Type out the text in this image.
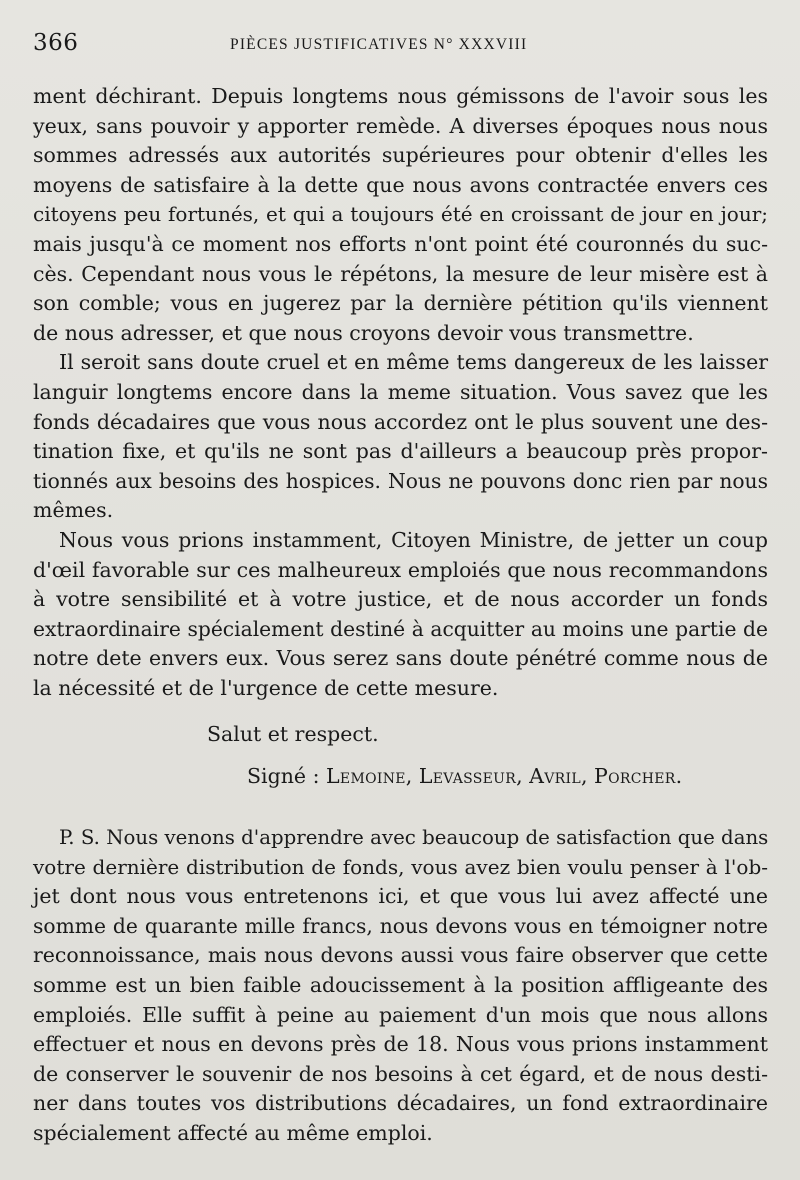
366	PIÈCES JUSTIFICATIVES N° XXXVIII
ment déchirant. Depuis longtems nous gémissons de l'avoir sous les
yeux, sans pouvoir y apporter remède. A diverses époques nous nous
sommes adressés aux autorités supérieures pour obtenir d'elles les
moyens de satisfaire à la dette que nous avons contractée envers ces
citoyens peu fortunés, et qui a toujours été en croissant de jour en jour;
mais jusqu'à ce moment nos efforts n'ont point été couronnés du suc-
cès. Cependant nous vous le répétons, la mesure de leur misère est à
son comble; vous en jugerez par la dernière pétition qu'ils viennent
de nous adresser, et que nous croyons devoir vous transmettre.
Il seroit sans doute cruel et en même tems dangereux de les laisser
languir longtems encore dans la meme situation. Vous savez que les
fonds décadaires que vous nous accordez ont le plus souvent une des-
tination fixe, et qu'ils ne sont pas d'ailleurs a beaucoup près propor-
tionnés aux besoins des hospices. Nous ne pouvons donc rien par nous
mêmes.
Nous vous prions instamment, Citoyen Ministre, de jetter un coup
d'œil favorable sur ces malheureux emploiés que nous recommandons
à votre sensibilité et à votre justice, et de nous accorder un fonds
extraordinaire spécialement destiné à acquitter au moins une partie de
notre dete envers eux. Vous serez sans doute pénétré comme nous de
la nécessité et de l'urgence de cette mesure.
Salut et respect.
Signé : Lemoine, Levasseur, Avril, Porcher.
P. S. Nous venons d'apprendre avec beaucoup de satisfaction que dans
votre dernière distribution de fonds, vous avez bien voulu penser à l'ob-
jet dont nous vous entretenons ici, et que vous lui avez affecté une
somme de quarante mille francs, nous devons vous en témoigner notre
reconnoissance, mais nous devons aussi vous faire observer que cette
somme est un bien faible adoucissement à la position affligeante des
emploiés. Elle suffit à peine au paiement d'un mois que nous allons
effectuer et nous en devons près de 18. Nous vous prions instamment
de conserver le souvenir de nos besoins à cet égard, et de nous desti-
ner dans toutes vos distributions décadaires, un fond extraordinaire
spécialement affecté au même emploi.
